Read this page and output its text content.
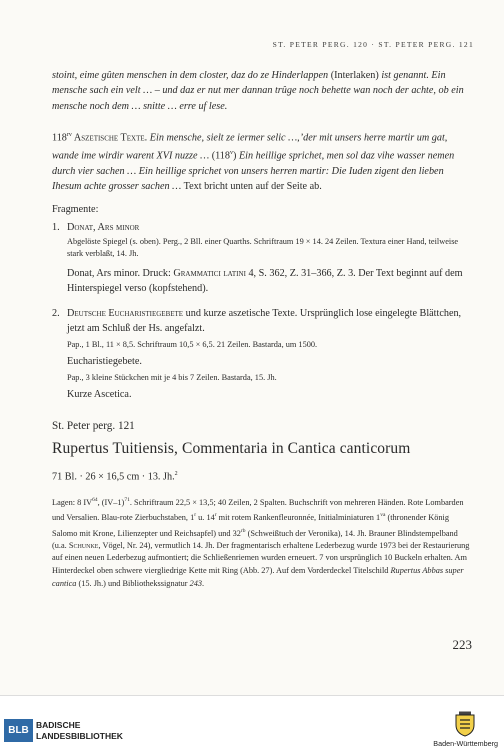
ST. PETER PERG. 120 · ST. PETER PERG. 121

stoint, eime gûten menschen in dem closter, daz do ze Hinderlappen (Interlaken) ist genannt. Ein mensche sach ein velt … – und daz er nut mer dannan trûge noch behette wan noch der achte, ob ein mensche noch dem … snitte … erre uf lese.

$118^{rv}$ Aszetische Texte. Ein mensche, sielt ze iermer selic …,’der mit unsers herre martir um gat, wande ime wirdir warent XVI nuzze … (118$^v$) Ein heillige sprichet, men sol daz vihe wasser nemen durch vier sachen … Ein heillige sprichet von unsers herren martir: Die Iuden zigent den lieben Ihesum achte grosser sachen … Text bricht unten auf der Seite ab.

Fragmente:

1. Donat, Ars minor

Abgelöste Spiegel (s. oben). Perg., 2 Bll. einer Quarths. Schriftraum 19 × 14. 24 Zeilen. Textura einer Hand, teilweise stark verblaßt, 14. Jh.

Donat, Ars minor. Druck: Grammatici latini 4, S. 362, Z. 31–366, Z. 3. Der Text beginnt auf dem Hinterspiegel verso (kopfstehend).

2. Deutsche Eucharistiegebete und kurze aszetische Texte. Ursprünglich lose eingelegte Blättchen, jetzt am Schluß der Hs. angefalzt.

Pap., 1 Bl., 11 × 8,5. Schriftraum 10,5 × 6,5. 21 Zeilen. Bastarda, um 1500.

Eucharistiegebete.

Pap., 3 kleine Stückchen mit je 4 bis 7 Zeilen. Bastarda, 15. Jh.

Kurze Ascetica.

St. Peter perg. 121

Rupertus Tuitiensis, Commentaria in Cantica canticorum

71 Bl. · 26 × 16,5 cm · 13. Jh.$^2$

Lagen: 8 IV$^{64}$, $(IV-1)^{71}$. Schriftraum 22,5 × 13,5; 40 Zeilen, 2 Spalten. Buchschrift von mehreren Händen. Rote Lombarden und Versalien. Blau-rote Zierbuchstaben, 1$^r$ u. 14$^r$ mit rotem Rankenfleuronnée, Initialminiaturen $1^{va}$ (thronender König Salomo mit Krone, Lilienzepter und Reichsapfel) und $32^{rb}$ (Schweißtuch der Veronika), 14. Jh. Brauner Blindstempelband (u.a. Schunke, Vögel, Nr. 24), vermutlich 14. Jh. Der fragmentarisch erhaltene Lederbezug wurde 1973 bei der Restaurierung auf einen neuen Lederbezug aufmontiert; die Schließenriemen wurden erneuert. 7 von ursprünglich 10 Buckeln erhalten. Am Hinterdeckel oben schwere viergliedrige Kette mit Ring (Abb. 27). Auf dem Vorderdeckel Titelschild Rupertus Abbas super cantica (15. Jh.) und Bibliothekssignatur 243.

223
BLB BADISCHE
LANDESBIBLIOTHEK
Baden-Württemberg
